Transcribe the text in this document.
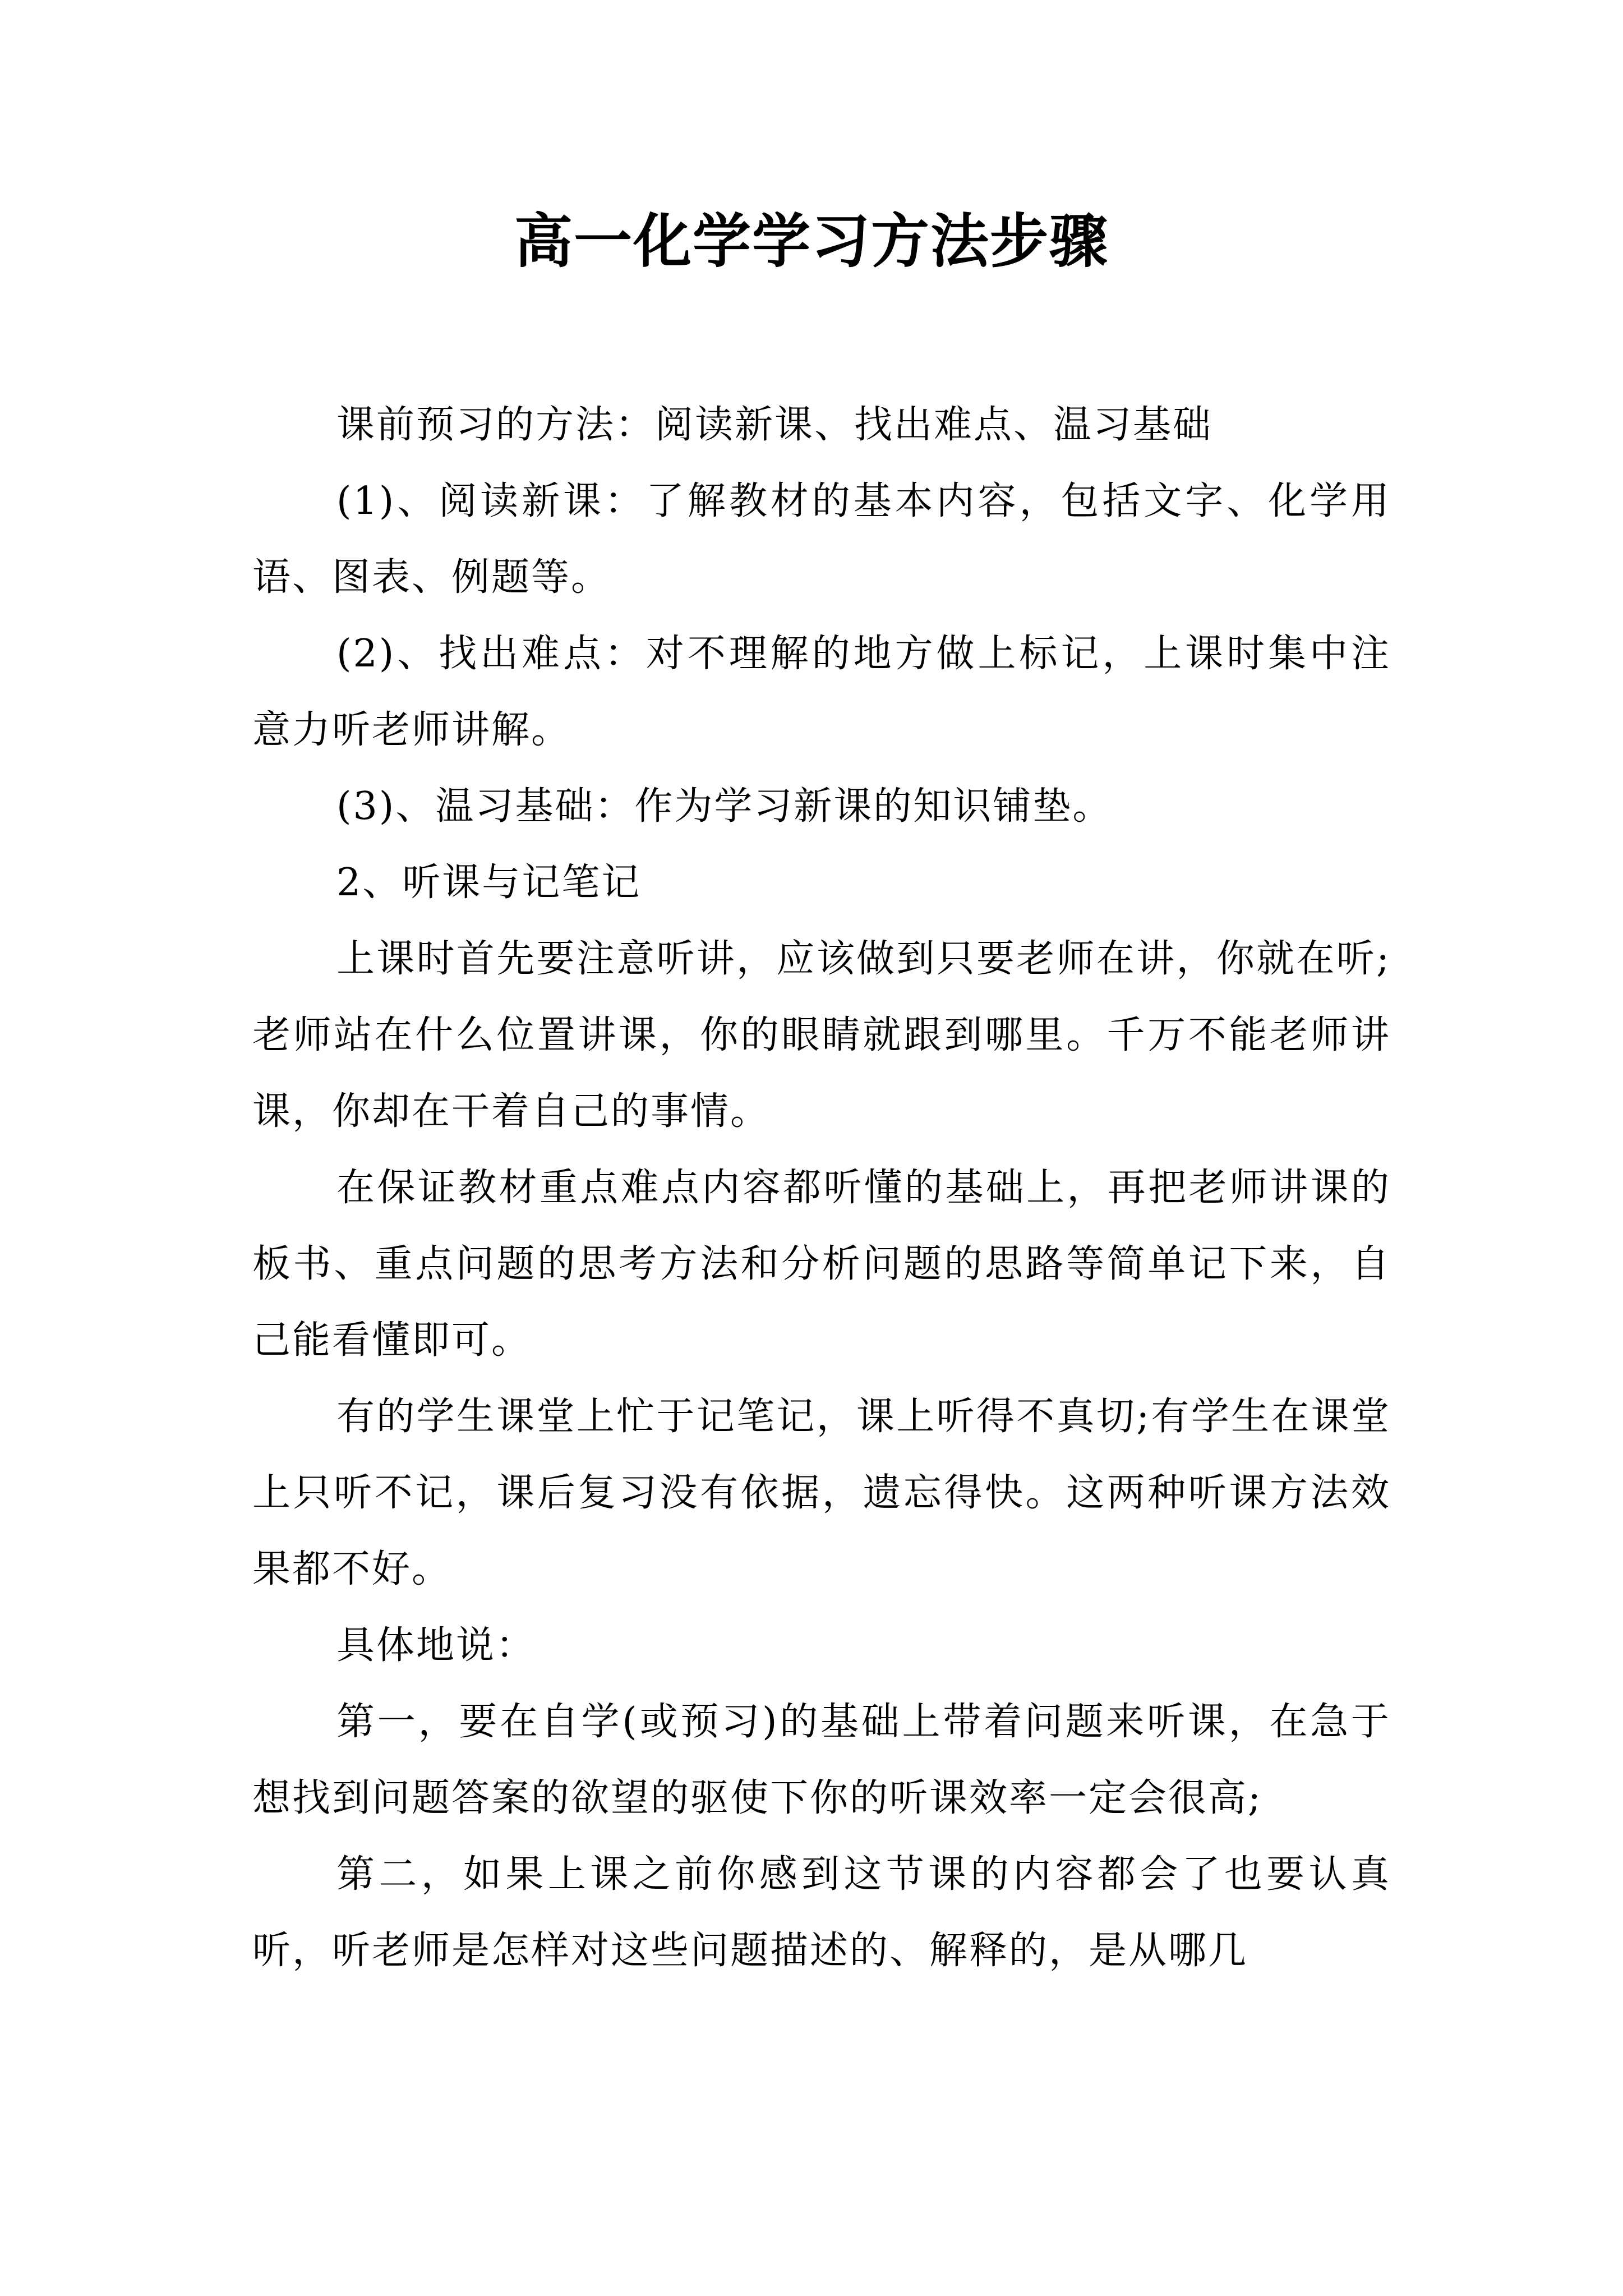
高一化学学习方法步骤

课前预习的方法：阅读新课、找出难点、温习基础

(1)、阅读新课：了解教材的基本内容，包括文字、化学用语、图表、例题等。

(2)、找出难点：对不理解的地方做上标记，上课时集中注意力听老师讲解。

(3)、温习基础：作为学习新课的知识铺垫。

2、听课与记笔记

上课时首先要注意听讲，应该做到只要老师在讲，你就在听;老师站在什么位置讲课，你的眼睛就跟到哪里。千万不能老师讲课，你却在干着自己的事情。

在保证教材重点难点内容都听懂的基础上，再把老师讲课的板书、重点问题的思考方法和分析问题的思路等简单记下来，自己能看懂即可。

有的学生课堂上忙于记笔记，课上听得不真切;有学生在课堂上只听不记，课后复习没有依据，遗忘得快。这两种听课方法效果都不好。

具体地说：

第一，要在自学(或预习)的基础上带着问题来听课，在急于想找到问题答案的欲望的驱使下你的听课效率一定会很高;

第二，如果上课之前你感到这节课的内容都会了也要认真听，听老师是怎样对这些问题描述的、解释的，是从哪几
